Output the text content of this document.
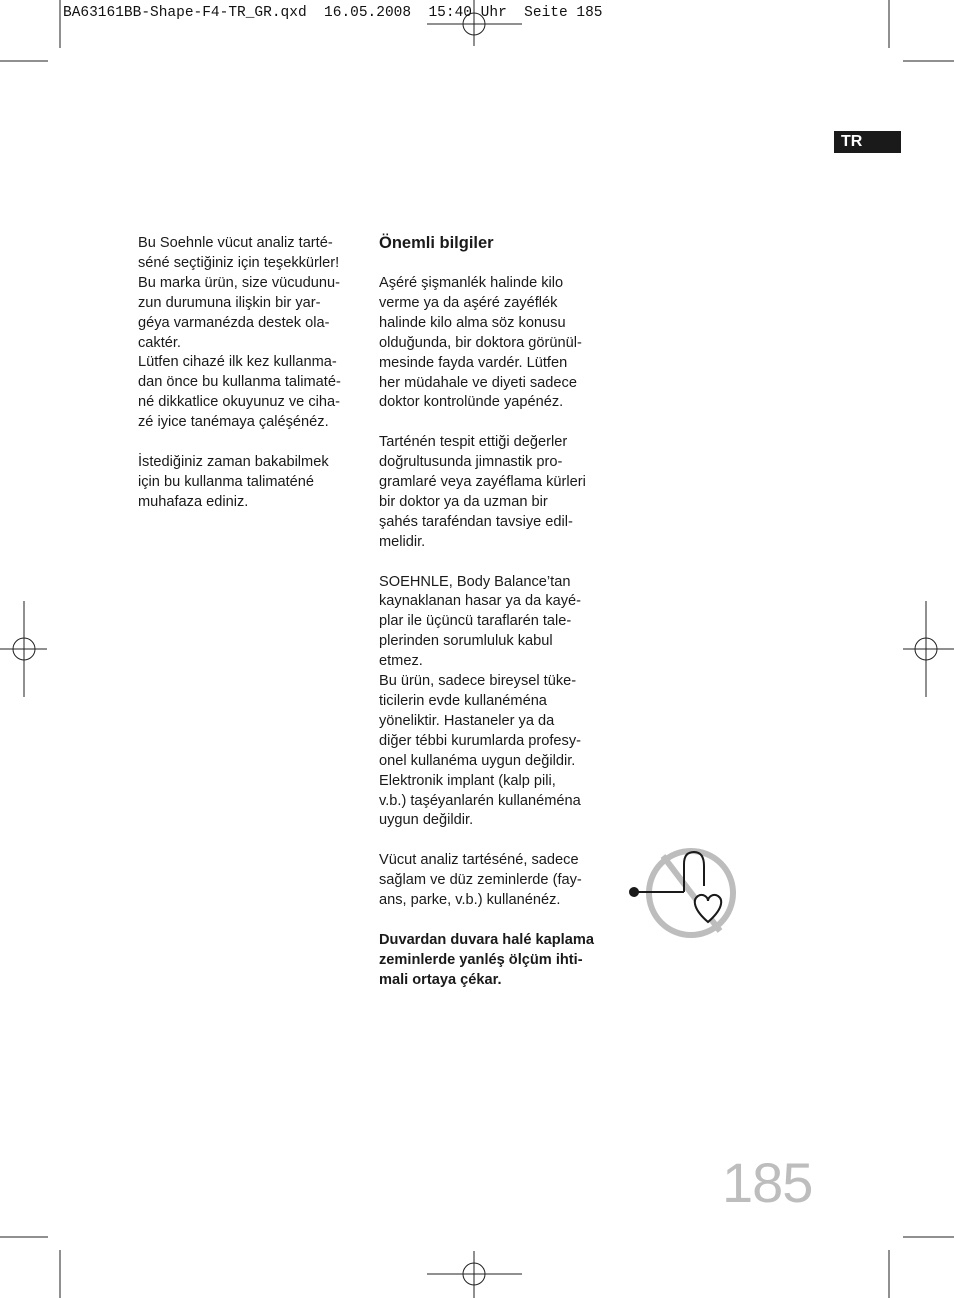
BA63161BB-Shape-F4-TR_GR.qxd  16.05.2008  15:40 Uhr  Seite 185
TR

Bu Soehnle vücut analiz tarté-

séné seçtiğiniz için teşekkürler!

Bu marka ürün, size vücudunu-

zun durumuna ilişkin bir yar-

géya varmanézda destek ola-

caktér.

Lütfen cihazé ilk kez kullanma-

dan önce bu kullanma talimaté-

né dikkatlice okuyunuz ve ciha-

zé iyice tanémaya çaléşénéz.

İstediğiniz zaman bakabilmek

için bu kullanma talimaténé

muhafaza ediniz.

Önemli bilgiler

Aşéré şişmanlék halinde kilo

verme ya da aşéré zayéflék

halinde kilo alma söz konusu

olduğunda, bir doktora görünül-

mesinde fayda vardér. Lütfen

her müdahale ve diyeti sadece

doktor kontrolünde yapénéz.

Tarténén tespit ettiği değerler

doğrultusunda jimnastik pro-

gramlaré veya zayéflama kürleri

bir doktor ya da uzman bir

şahés taraféndan tavsiye edil-

melidir.

SOEHNLE, Body Balance’tan

kaynaklanan hasar ya da kayé-

plar ile üçüncü taraflarén tale-

plerinden sorumluluk kabul

etmez.

Bu ürün, sadece bireysel tüke-

ticilerin evde kullanéména

yöneliktir. Hastaneler ya da

diğer tébbi kurumlarda profesy-

onel kullanéma uygun değildir.

Elektronik implant (kalp pili,

v.b.) taşéyanlarén kullanéména

uygun değildir.

Vücut analiz tartéséné, sadece

sağlam ve düz zeminlerde (fay-

ans, parke, v.b.) kullanénéz.

Duvardan duvara halé kaplama

zeminlerde yanléş ölçüm ihti-

mali ortaya çékar.

185
